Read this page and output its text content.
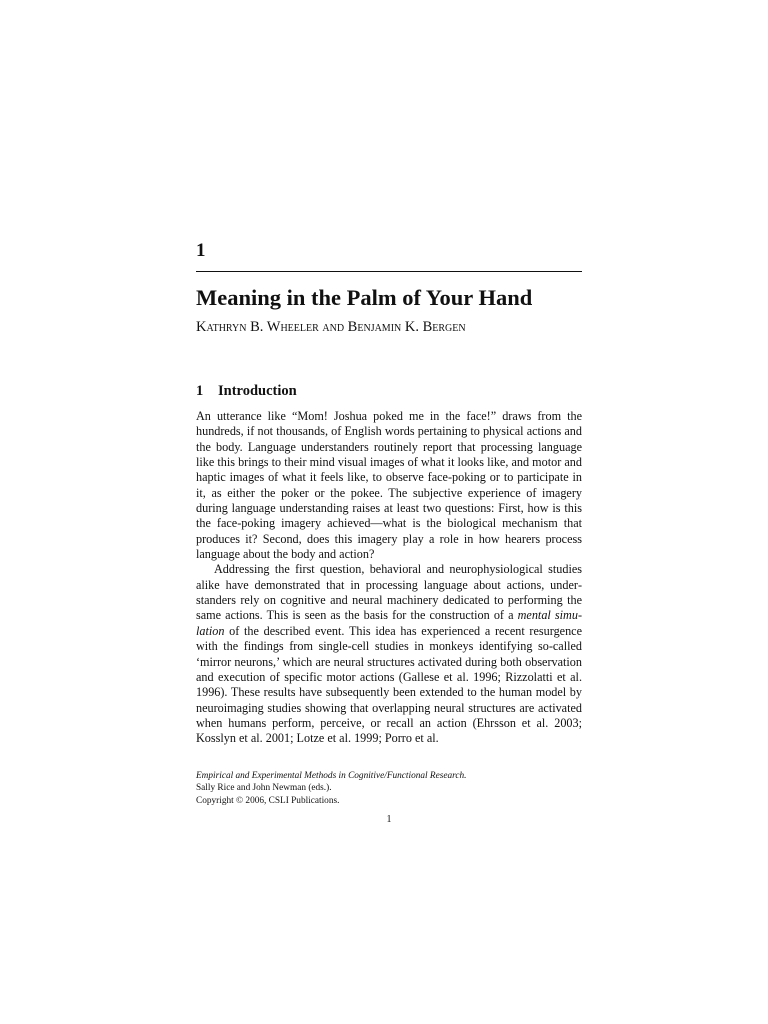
1
Meaning in the Palm of Your Hand
Kathryn B. Wheeler and Benjamin K. Bergen
1 Introduction

An utterance like “Mom! Joshua poked me in the face!” draws from the hundreds, if not thousands, of English words pertaining to physical actions and the body. Language understanders routinely report that processing language like this brings to their mind visual images of what it looks like, and motor and haptic images of what it feels like, to observe face-poking or to participate in it, as either the poker or the pokee. The subjective experience of imagery during language understanding raises at least two questions: First, how is this the face-poking imagery achieved—what is the biological mechanism that produces it? Second, does this imagery play a role in how hearers process language about the body and action?

Addressing the first question, behavioral and neurophysiological studies alike have demonstrated that in processing language about actions, understanders rely on cognitive and neural machinery dedicated to performing the same actions. This is seen as the basis for the construction of a mental simulation of the described event. This idea has experienced a recent resurgence with the findings from single-cell studies in monkeys identifying so-called ‘mirror neurons,’ which are neural structures activated during both observation and execution of specific motor actions (Gallese et al. 1996; Rizzolatti et al. 1996). These results have subsequently been extended to the human model by neuroimaging studies showing that overlapping neural structures are activated when humans perform, perceive, or recall an action (Ehrsson et al. 2003; Kosslyn et al. 2001; Lotze et al. 1999; Porro et al.

Empirical and Experimental Methods in Cognitive/Functional Research.
Sally Rice and John Newman (eds.).
Copyright © 2006, CSLI Publications.
1
